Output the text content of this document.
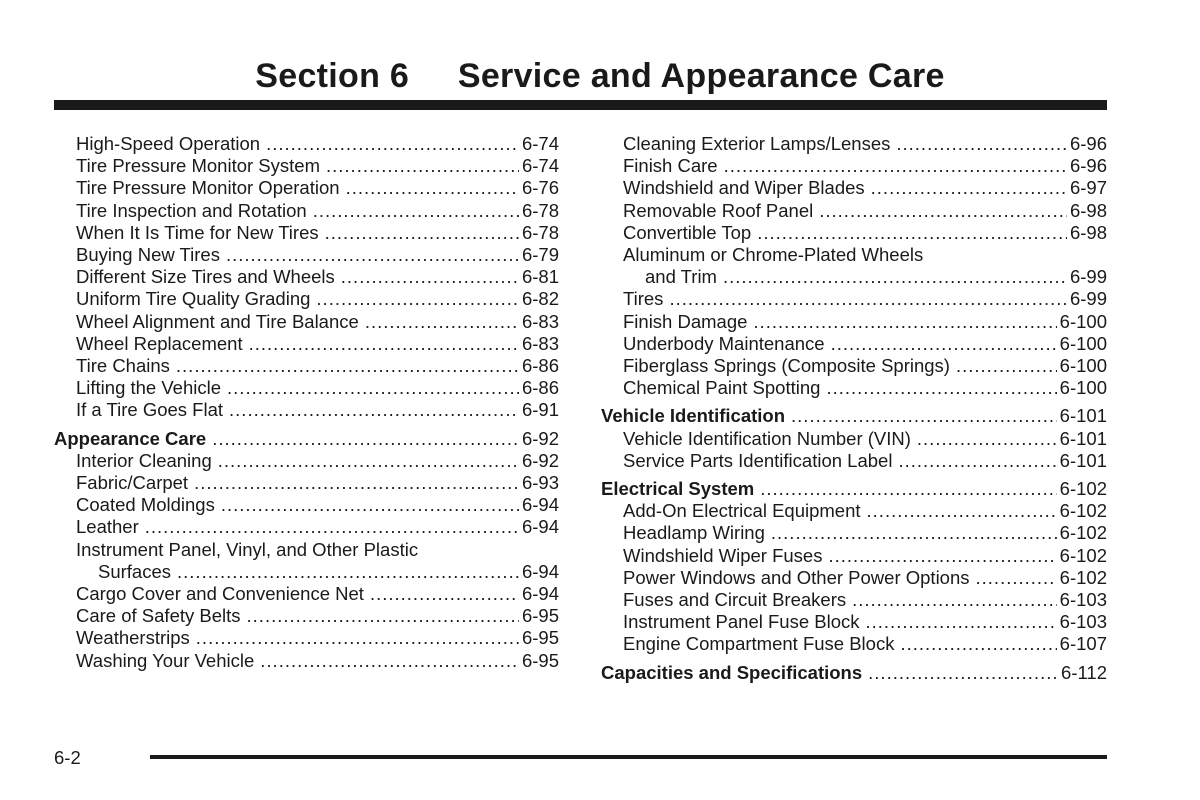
Section 6     Service and Appearance Care
High-Speed Operation .....	6-74
Tire Pressure Monitor System .....	6-74
Tire Pressure Monitor Operation .....	6-76
Tire Inspection and Rotation .....	6-78
When It Is Time for New Tires .....	6-78
Buying New Tires .....	6-79
Different Size Tires and Wheels .....	6-81
Uniform Tire Quality Grading .....	6-82
Wheel Alignment and Tire Balance .....	6-83
Wheel Replacement .....	6-83
Tire Chains .....	6-86
Lifting the Vehicle .....	6-86
If a Tire Goes Flat .....	6-91
Appearance Care .....	6-92
Interior Cleaning .....	6-92
Fabric/Carpet .....	6-93
Coated Moldings .....	6-94
Leather .....	6-94
Instrument Panel, Vinyl, and Other Plastic
Surfaces .....	6-94
Cargo Cover and Convenience Net .....	6-94
Care of Safety Belts .....	6-95
Weatherstrips .....	6-95
Washing Your Vehicle .....	6-95
Cleaning Exterior Lamps/Lenses .....	6-96
Finish Care .....	6-96
Windshield and Wiper Blades .....	6-97
Removable Roof Panel .....	6-98
Convertible Top .....	6-98
Aluminum or Chrome-Plated Wheels
and Trim .....	6-99
Tires .....	6-99
Finish Damage .....	6-100
Underbody Maintenance .....	6-100
Fiberglass Springs (Composite Springs) .....	6-100
Chemical Paint Spotting .....	6-100
Vehicle Identification .....	6-101
Vehicle Identification Number (VIN) .....	6-101
Service Parts Identification Label .....	6-101
Electrical System .....	6-102
Add-On Electrical Equipment .....	6-102
Headlamp Wiring .....	6-102
Windshield Wiper Fuses .....	6-102
Power Windows and Other Power Options .....	6-102
Fuses and Circuit Breakers .....	6-103
Instrument Panel Fuse Block .....	6-103
Engine Compartment Fuse Block .....	6-107
Capacities and Specifications .....	6-112
6-2
